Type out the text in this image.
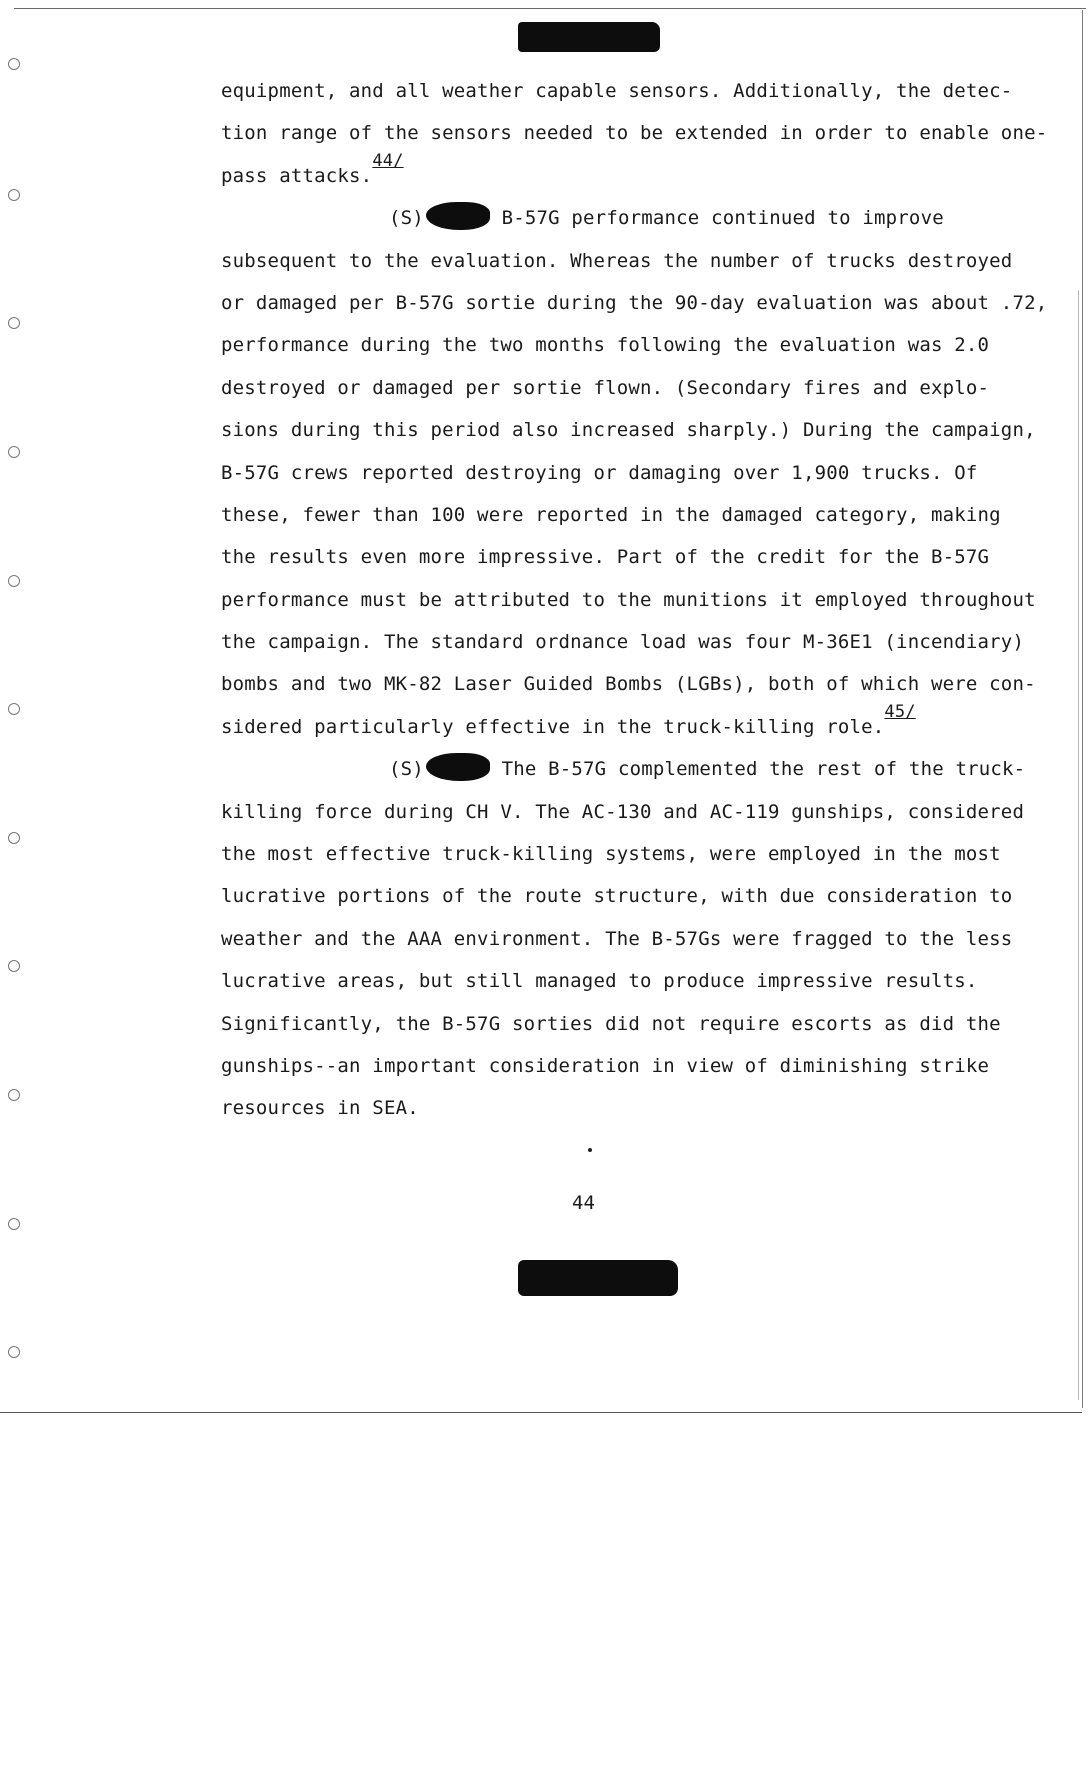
equipment, and all weather capable sensors. Additionally, the detec-
tion range of the sensors needed to be extended in order to enable one-
pass attacks.44/
(S)	B-57G performance continued to improve
subsequent to the evaluation. Whereas the number of trucks destroyed
or damaged per B-57G sortie during the 90-day evaluation was about .72,
performance during the two months following the evaluation was 2.0
destroyed or damaged per sortie flown. (Secondary fires and explo-
sions during this period also increased sharply.) During the campaign,
B-57G crews reported destroying or damaging over 1,900 trucks. Of
these, fewer than 100 were reported in the damaged category, making
the results even more impressive. Part of the credit for the B-57G
performance must be attributed to the munitions it employed throughout
the campaign. The standard ordnance load was four M-36E1 (incendiary)
bombs and two MK-82 Laser Guided Bombs (LGBs), both of which were con-
sidered particularly effective in the truck-killing role.45/
(S)	The B-57G complemented the rest of the truck-
killing force during CH V. The AC-130 and AC-119 gunships, considered
the most effective truck-killing systems, were employed in the most
lucrative portions of the route structure, with due consideration to
weather and the AAA environment. The B-57Gs were fragged to the less
lucrative areas, but still managed to produce impressive results.
Significantly, the B-57G sorties did not require escorts as did the
gunships--an important consideration in view of diminishing strike
resources in SEA.
44
